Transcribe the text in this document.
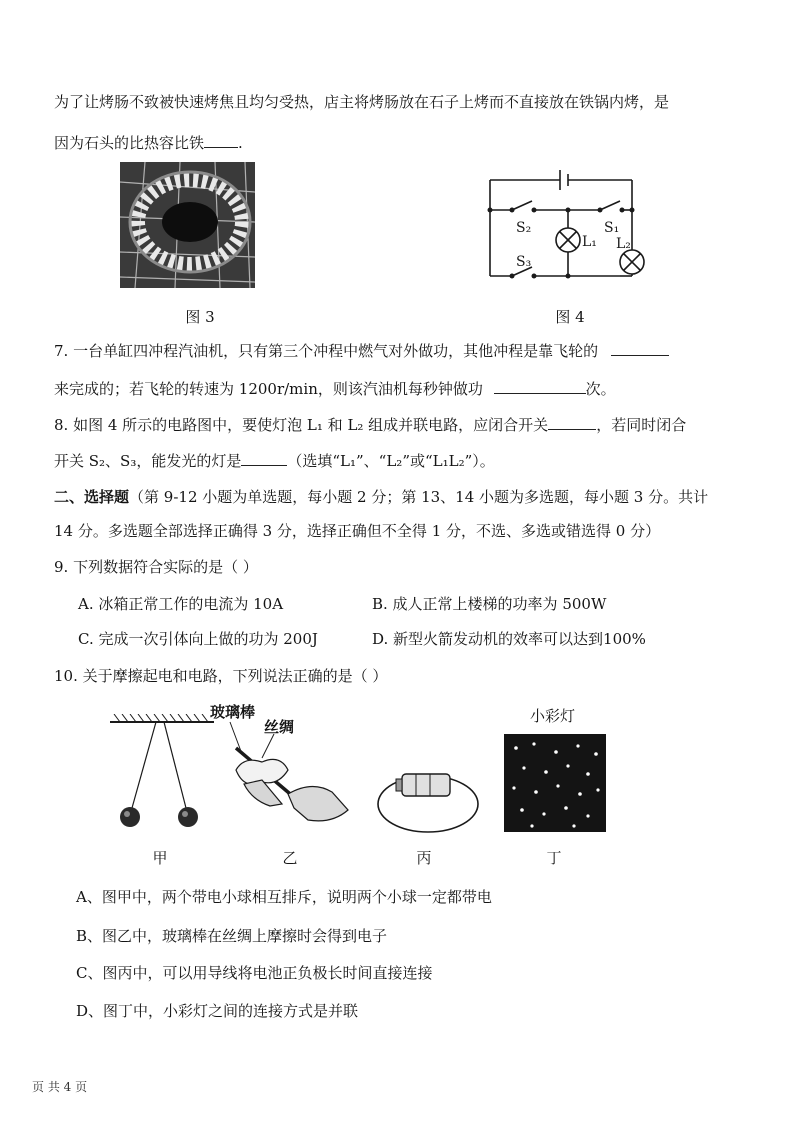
为了让烤肠不致被快速烤焦且均匀受热，店主将烤肠放在石子上烤而不直接放在铁锅内烤，是
因为石头的比热容比铁 .
图 3
S₂	S₁
L₁ L₂
S₃
图 4
7. 一台单缸四冲程汽油机，只有第三个冲程中燃气对外做功，其他冲程是靠飞轮的
来完成的；若飞轮的转速为 1200r/min，则该汽油机每秒钟做功	次。
8. 如图 4 所示的电路图中，要使灯泡 L₁ 和 L₂ 组成并联电路，应闭合开关	，若同时闭合
开关 S₂、S₃，能发光的灯是	（选填“L₁”、“L₂”或“L₁L₂”）。
二、选择题（第 9-12 小题为单选题，每小题 2 分；第 13、14 小题为多选题，每小题 3 分。共计
14 分。多选题全部选择正确得 3 分，选择正确但不全得 1 分，不选、多选或错选得 0 分）
9. 下列数据符合实际的是（ ）
A. 冰箱正常工作的电流为 10A	B. 成人正常上楼梯的功率为 500W
C. 完成一次引体向上做的功为 200J	D. 新型火箭发动机的效率可以达到100%
10. 关于摩擦起电和电路，下列说法正确的是（ ）
甲
玻璃棒
丝绸
乙	丙
小彩灯
丁
A、图甲中，两个带电小球相互排斥，说明两个小球一定都带电
B、图乙中，玻璃棒在丝绸上摩擦时会得到电子
C、图丙中，可以用导线将电池正负极长时间直接连接
D、图丁中，小彩灯之间的连接方式是并联
页 共 4 页
